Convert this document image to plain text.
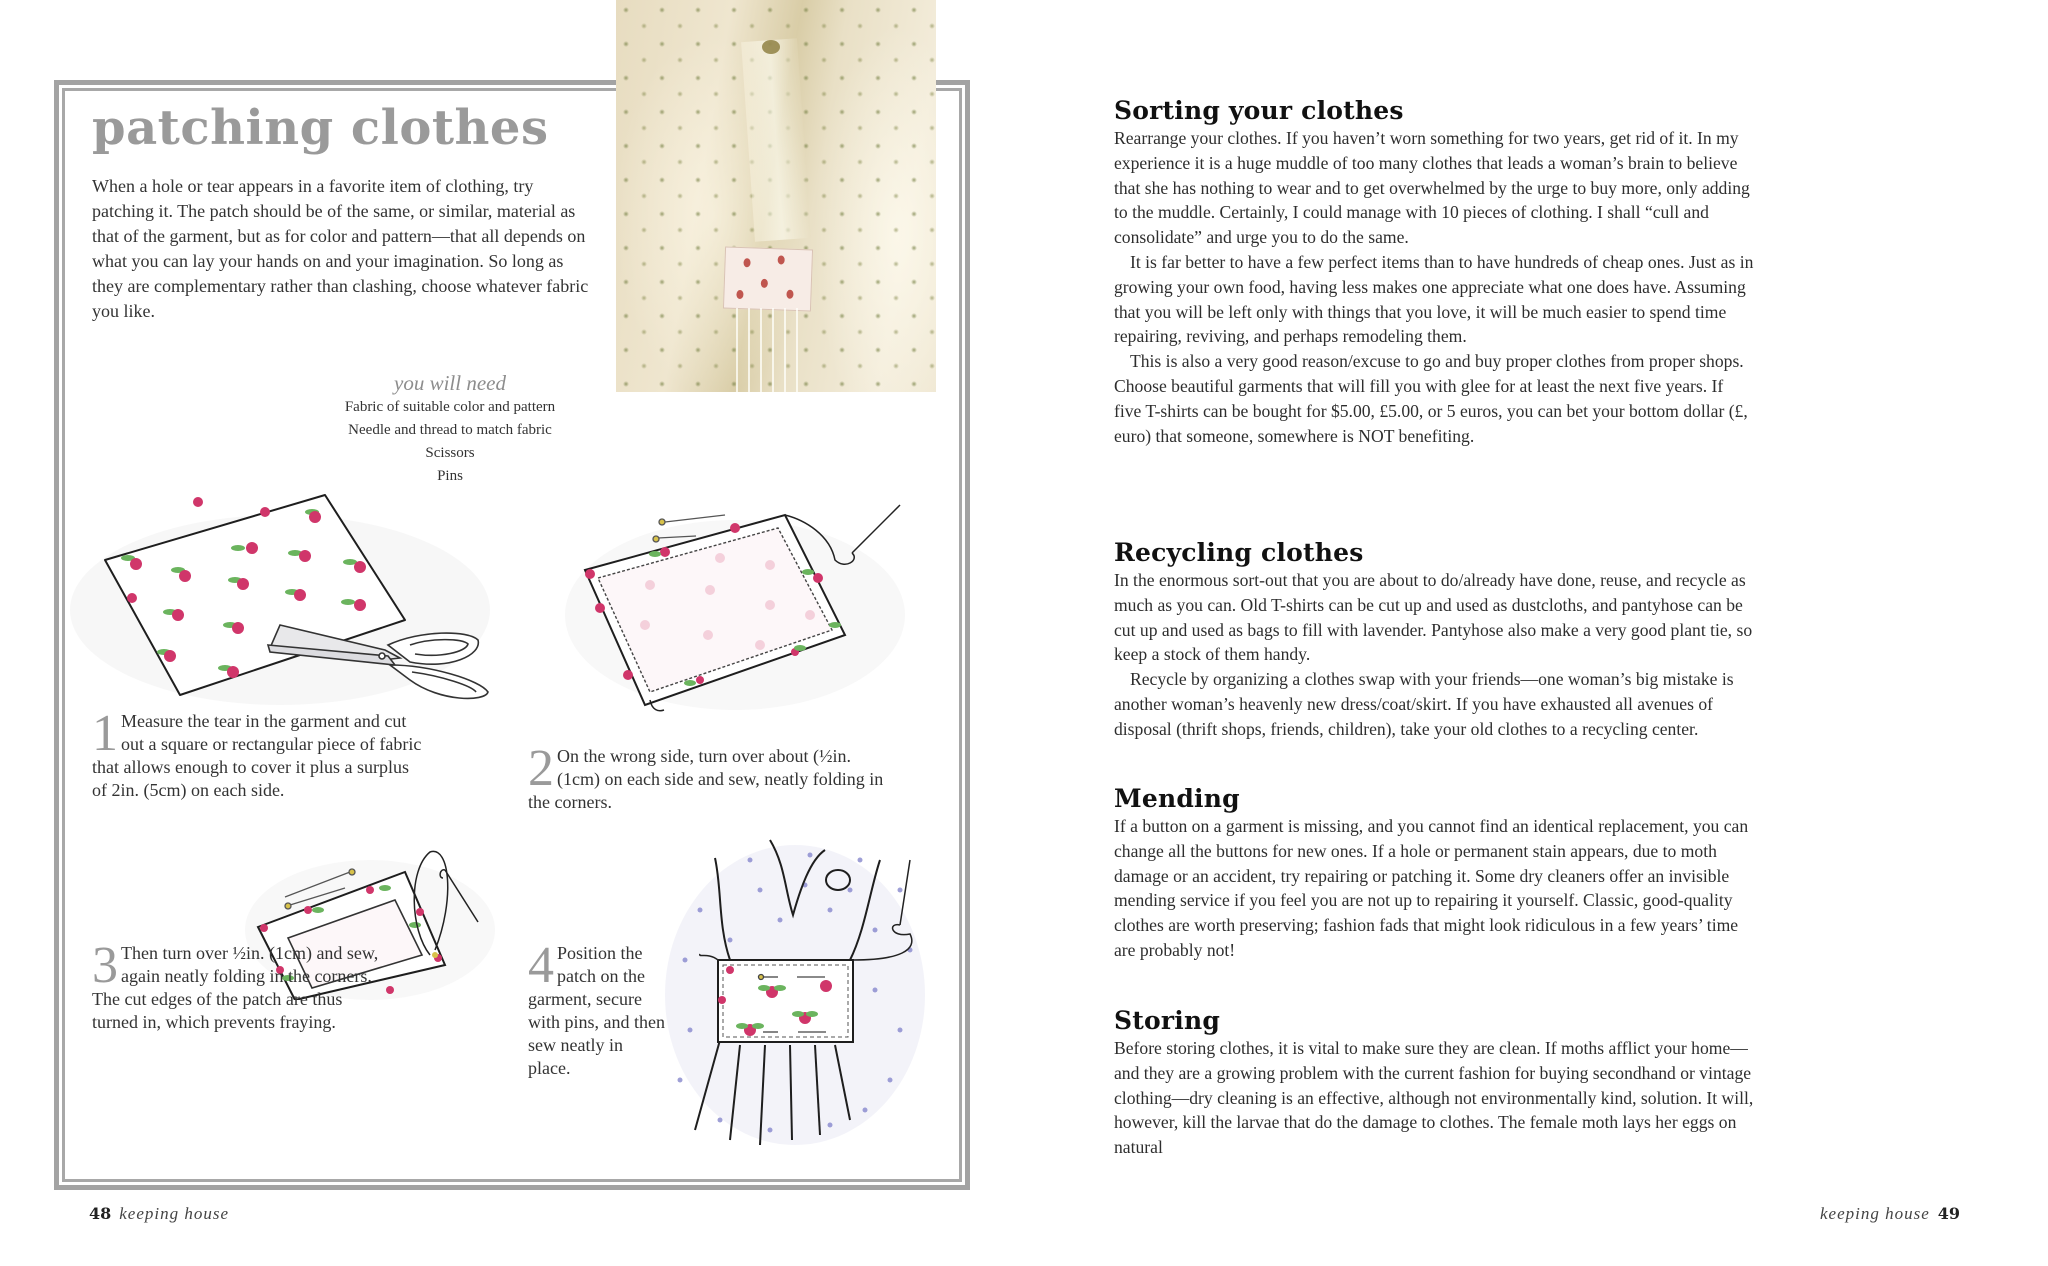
patching clothes

When a hole or tear appears in a favorite item of clothing, try patching it. The patch should be of the same, or similar, material as that of the garment, but as for color and pattern—that all depends on what you can lay your hands on and your imagination. So long as they are complementary rather than clashing, choose whatever fabric you like.

you will need
Fabric of suitable color and pattern
Needle and thread to match fabric
Scissors
Pins
1 Measure the tear in the garment and cut out a square or rectangular piece of fabric that allows enough to cover it plus a surplus of 2in. (5cm) on each side.	2 On the wrong side, turn over about (½in. (1cm) on each side and sew, neatly folding in the corners.
3 Then turn over ½in. (1cm) and sew, again neatly folding in the corners. The cut edges of the patch are thus turned in, which prevents fraying.
4 Position the patch on the garment, secure with pins, and then sew neatly in place.
48 keeping house
Sorting your clothes

Rearrange your clothes. If you haven’t worn something for two years, get rid of it. In my experience it is a huge muddle of too many clothes that leads a woman’s brain to believe that she has nothing to wear and to get overwhelmed by the urge to buy more, only adding to the muddle. Certainly, I could manage with 10 pieces of clothing. I shall “cull and consolidate” and urge you to do the same.

It is far better to have a few perfect items than to have hundreds of cheap ones. Just as in growing your own food, having less makes one appreciate what one does have. Assuming that you will be left only with things that you love, it will be much easier to spend time repairing, reviving, and perhaps remodeling them.

This is also a very good reason/excuse to go and buy proper clothes from proper shops. Choose beautiful garments that will fill you with glee for at least the next five years. If five T-shirts can be bought for $5.00, £5.00, or 5 euros, you can bet your bottom dollar (£, euro) that someone, somewhere is NOT benefiting.

Recycling clothes

In the enormous sort-out that you are about to do/already have done, reuse, and recycle as much as you can. Old T-shirts can be cut up and used as dustcloths, and pantyhose can be cut up and used as bags to fill with lavender. Pantyhose also make a very good plant tie, so keep a stock of them handy.

Recycle by organizing a clothes swap with your friends—one woman’s big mistake is another woman’s heavenly new dress/coat/skirt. If you have exhausted all avenues of disposal (thrift shops, friends, children), take your old clothes to a recycling center.

Mending

If a button on a garment is missing, and you cannot find an identical replacement, you can change all the buttons for new ones. If a hole or permanent stain appears, due to moth damage or an accident, try repairing or patching it. Some dry cleaners offer an invisible mending service if you feel you are not up to repairing it yourself. Classic, good-quality clothes are worth preserving; fashion fads that might look ridiculous in a few years’ time are probably not!

Storing

Before storing clothes, it is vital to make sure they are clean. If moths afflict your home—and they are a growing problem with the current fashion for buying secondhand or vintage clothing—dry cleaning is an effective, although not environmentally kind, solution. It will, however, kill the larvae that do the damage to clothes. The female moth lays her eggs on natural

keeping house 49
